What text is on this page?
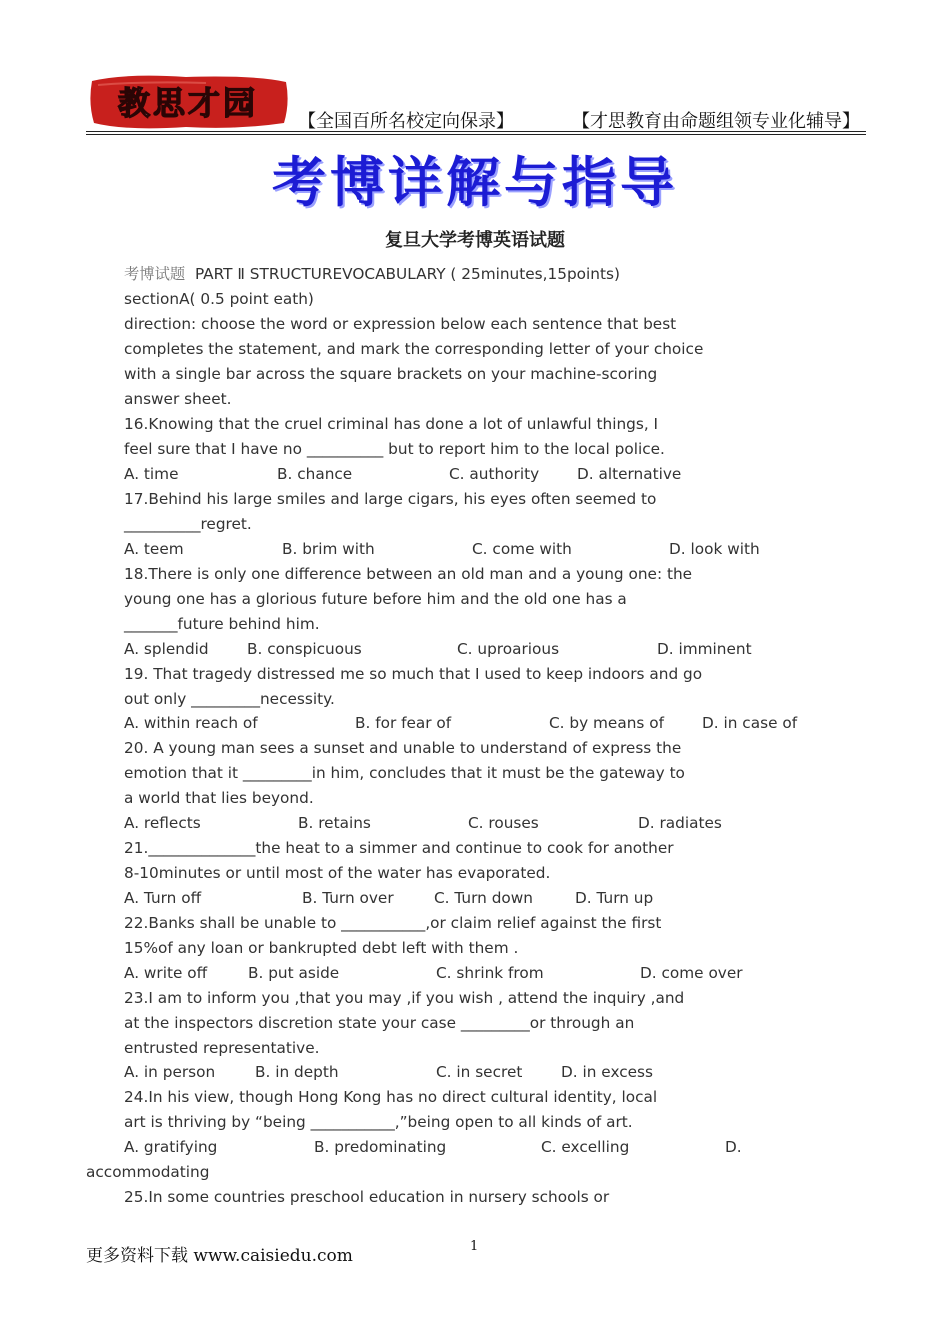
教思才园 【全国百所名校定向保录】	【才思教育由命题组领专业化辅导】
考博详解与指导
复旦大学考博英语试题
考博试题 PART Ⅱ STRUCTUREVOCABULARY ( 25minutes,15points)
sectionA( 0.5 point eath)
direction: choose the word or expression below each sentence that best
completes the statement, and mark the corresponding letter of your choice
with a single bar across the square brackets on your machine-scoring
answer sheet.
16.Knowing that the cruel criminal has done a lot of unlawful things, I
feel sure that I have no __________ but to report him to the local police.
A. time	B. chance	C. authority D. alternative
17.Behind his large smiles and large cigars, his eyes often seemed to
__________regret.
A. teem	B. brim with	C. come with	D. look with
18.There is only one difference between an old man and a young one: the
young one has a glorious future before him and the old one has a
_______future behind him.
A. splendid	B. conspicuous	C. uproarious	D. imminent
19. That tragedy distressed me so much that I used to keep indoors and go
out only _________necessity.
A. within reach of	B. for fear of	C. by means of D. in case of
20. A young man sees a sunset and unable to understand of express the
emotion that it _________in him, concludes that it must be the gateway to
a world that lies beyond.
A. reflects	B. retains	C. rouses	D. radiates
21.______________the heat to a simmer and continue to cook for another
8-10minutes or until most of the water has evaporated.
A. Turn off	B. Turn over	C. Turn down	D. Turn up
22.Banks shall be unable to ___________,or claim relief against the first
15%of any loan or bankrupted debt left with them .
A. write off	B. put aside	C. shrink from	D. come over
23.I am to inform you ,that you may ,if you wish , attend the inquiry ,and
at the inspectors discretion state your case _________or through an
entrusted representative.
A. in person	B. in depth	C. in secret	D. in excess
24.In his view, though Hong Kong has no direct cultural identity, local
art is thriving by “being ___________,”being open to all kinds of art.
A. gratifying	B. predominating	C. excelling	D.
accommodating
25.In some countries preschool education in nursery schools or
更多资料下载 www.caisiedu.com	1
